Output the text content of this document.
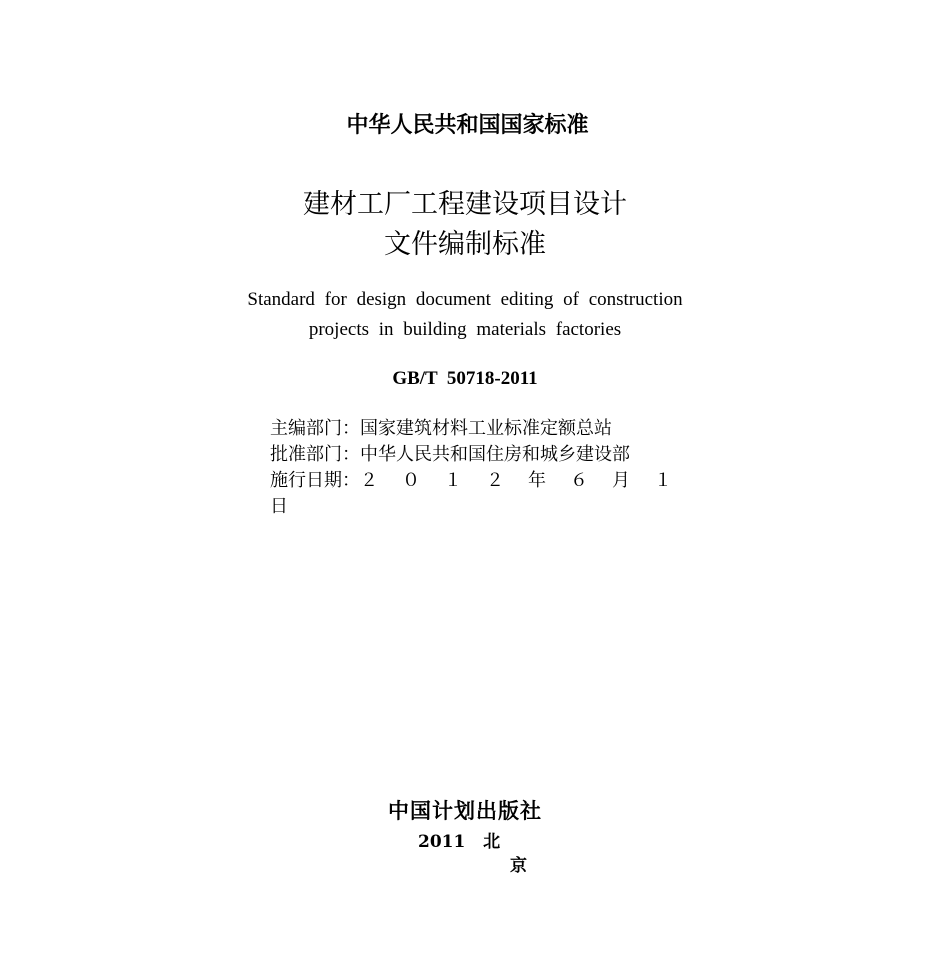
中华人民共和国国家标准
建材工厂工程建设项目设计
文件编制标准
Standard for design document editing of construction
projects in building materials factories
GB/T  50718-2011
主编部门：国家建筑材料工业标准定额总站
批准部门：中华人民共和国住房和城乡建设部
施行日期：２ ０ １ ２ 年 ６ 月 １
日
中国计划出版社
2011   北
京
